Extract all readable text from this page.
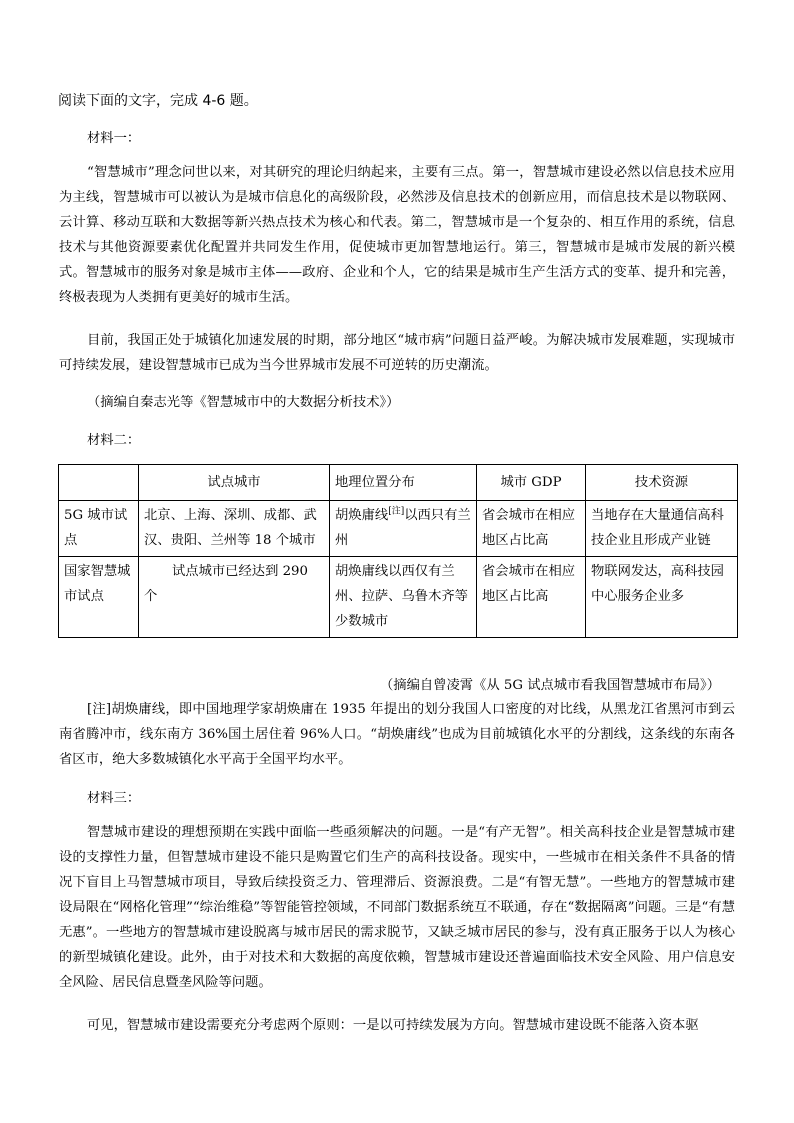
阅读下面的文字，完成 4-6 题。

材料一：

“智慧城市”理念问世以来，对其研究的理论归纳起来，主要有三点。第一，智慧城市建设必然以信息技术应用为主线，智慧城市可以被认为是城市信息化的高级阶段，必然涉及信息技术的创新应用，而信息技术是以物联网、云计算、移动互联和大数据等新兴热点技术为核心和代表。第二，智慧城市是一个复杂的、相互作用的系统，信息技术与其他资源要素优化配置并共同发生作用，促使城市更加智慧地运行。第三，智慧城市是城市发展的新兴模式。智慧城市的服务对象是城市主体——政府、企业和个人，它的结果是城市生产生活方式的变革、提升和完善，终极表现为人类拥有更美好的城市生活。

目前，我国正处于城镇化加速发展的时期，部分地区“城市病”问题日益严峻。为解决城市发展难题，实现城市可持续发展，建设智慧城市已成为当今世界城市发展不可逆转的历史潮流。

（摘编自秦志光等《智慧城市中的大数据分析技术》）

材料二：

	试点城市	地理位置分布	城市 GDP	技术资源
5G 城市试点	北京、上海、深圳、成都、武汉、贵阳、兰州等 18 个城市	胡焕庸线[注]以西只有兰州	省会城市在相应地区占比高	当地存在大量通信高科技企业且形成产业链
国家智慧城市试点	试点城市已经达到 290 个	胡焕庸线以西仅有兰州、拉萨、乌鲁木齐等少数城市	省会城市在相应地区占比高	物联网发达，高科技园中心服务企业多

（摘编自曾凌霄《从 5G 试点城市看我国智慧城市布局》）

[注]胡焕庸线，即中国地理学家胡焕庸在 1935 年提出的划分我国人口密度的对比线，从黑龙江省黑河市到云南省腾冲市，线东南方 36%国土居住着 96%人口。“胡焕庸线”也成为目前城镇化水平的分割线，这条线的东南各省区市，绝大多数城镇化水平高于全国平均水平。

材料三：

智慧城市建设的理想预期在实践中面临一些亟须解决的问题。一是“有产无智”。相关高科技企业是智慧城市建设的支撑性力量，但智慧城市建设不能只是购置它们生产的高科技设备。现实中，一些城市在相关条件不具备的情况下盲目上马智慧城市项目，导致后续投资乏力、管理滞后、资源浪费。二是“有智无慧”。一些地方的智慧城市建设局限在“网格化管理”“综治维稳”等智能管控领域，不同部门数据系统互不联通，存在“数据隔离”问题。三是“有慧无惠”。一些地方的智慧城市建设脱离与城市居民的需求脱节，又缺乏城市居民的参与，没有真正服务于以人为核心的新型城镇化建设。此外，由于对技术和大数据的高度依赖，智慧城市建设还普遍面临技术安全风险、用户信息安全风险、居民信息暨垄风险等问题。

可见，智慧城市建设需要充分考虑两个原则：一是以可持续发展为方向。智慧城市建设既不能落入资本驱
